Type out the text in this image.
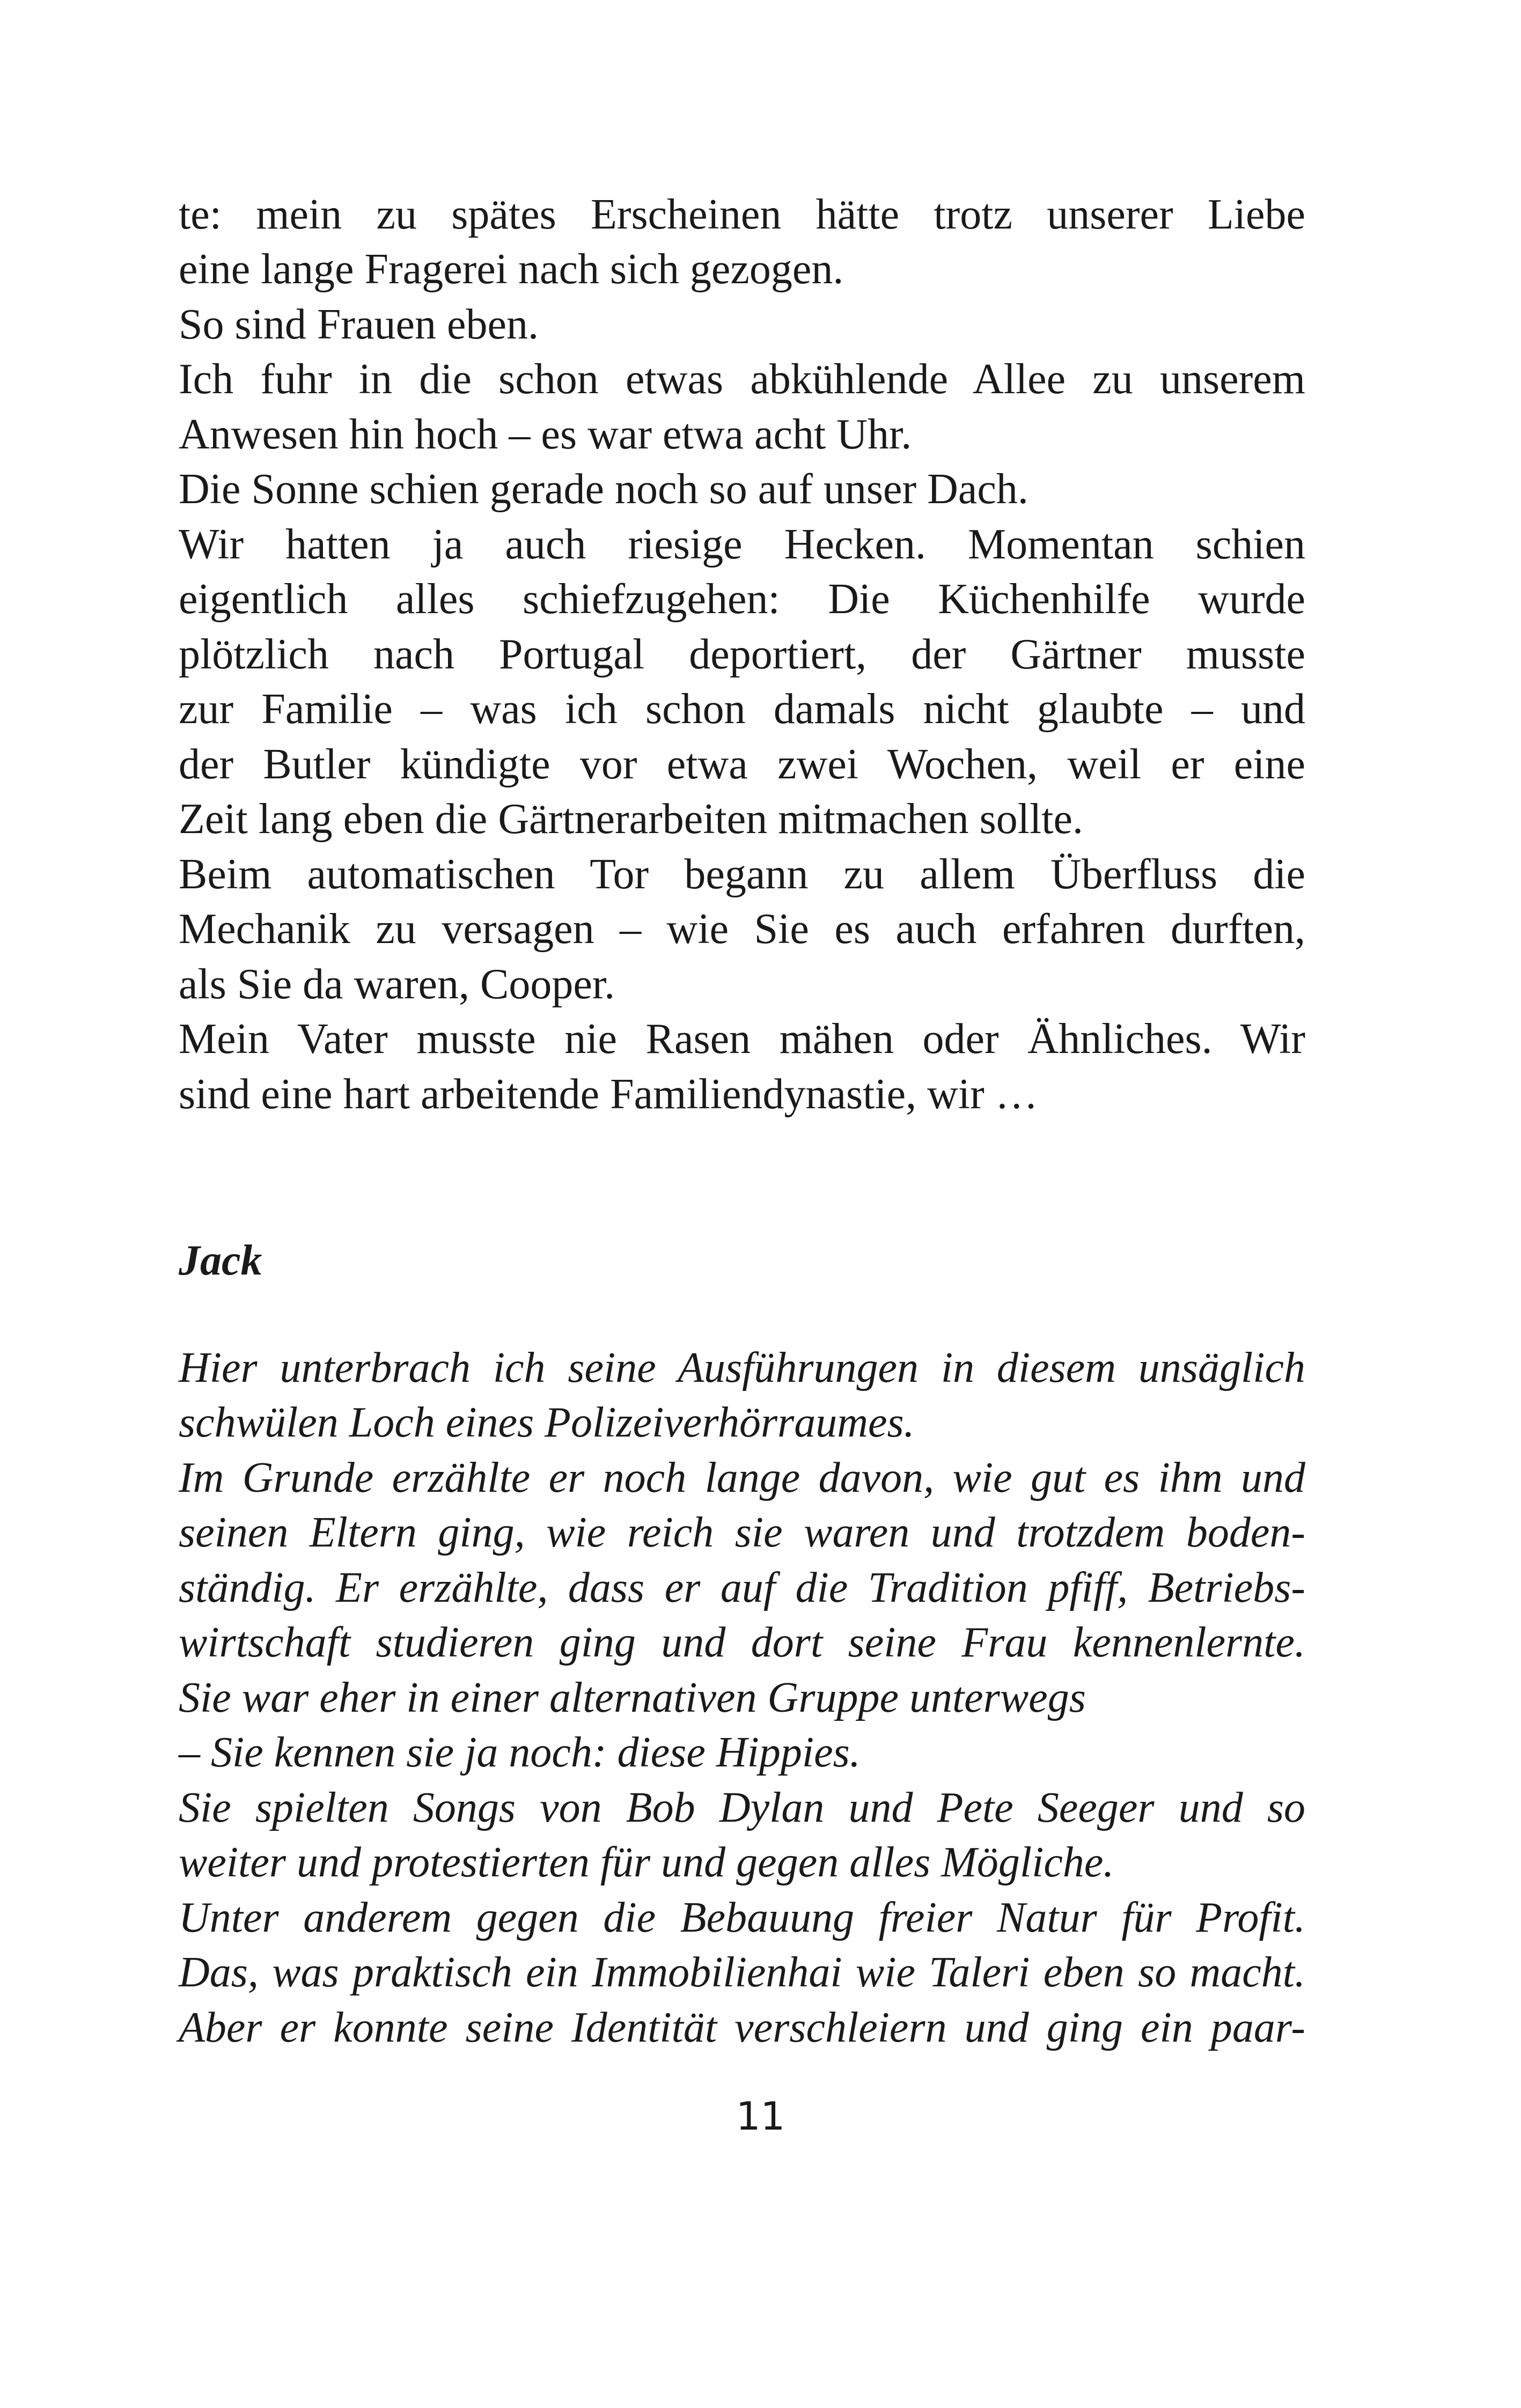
te: mein zu spätes Erscheinen hätte trotz unserer Liebe
eine lange Fragerei nach sich gezogen.
So sind Frauen eben.
Ich fuhr in die schon etwas abkühlende Allee zu unserem
Anwesen hin hoch – es war etwa acht Uhr.
Die Sonne schien gerade noch so auf unser Dach.
Wir hatten ja auch riesige Hecken. Momentan schien
eigentlich alles schiefzugehen: Die Küchenhilfe wurde
plötzlich nach Portugal deportiert, der Gärtner musste
zur Familie – was ich schon damals nicht glaubte – und
der Butler kündigte vor etwa zwei Wochen, weil er eine
Zeit lang eben die Gärtnerarbeiten mitmachen sollte.
Beim automatischen Tor begann zu allem Überfluss die
Mechanik zu versagen – wie Sie es auch erfahren durften,
als Sie da waren, Cooper.
Mein Vater musste nie Rasen mähen oder Ähnliches. Wir
sind eine hart arbeitende Familiendynastie, wir …
Jack
Hier unterbrach ich seine Ausführungen in diesem unsäglich
schwülen Loch eines Polizeiverhörraumes.
Im Grunde erzählte er noch lange davon, wie gut es ihm und
seinen Eltern ging, wie reich sie waren und trotzdem boden-
ständig. Er erzählte, dass er auf die Tradition pfiff, Betriebs-
wirtschaft studieren ging und dort seine Frau kennenlernte.
Sie war eher in einer alternativen Gruppe unterwegs
– Sie kennen sie ja noch: diese Hippies.
Sie spielten Songs von Bob Dylan und Pete Seeger und so
weiter und protestierten für und gegen alles Mögliche.
Unter anderem gegen die Bebauung freier Natur für Profit.
Das, was praktisch ein Immobilienhai wie Taleri eben so macht.
Aber er konnte seine Identität verschleiern und ging ein paar-
11
